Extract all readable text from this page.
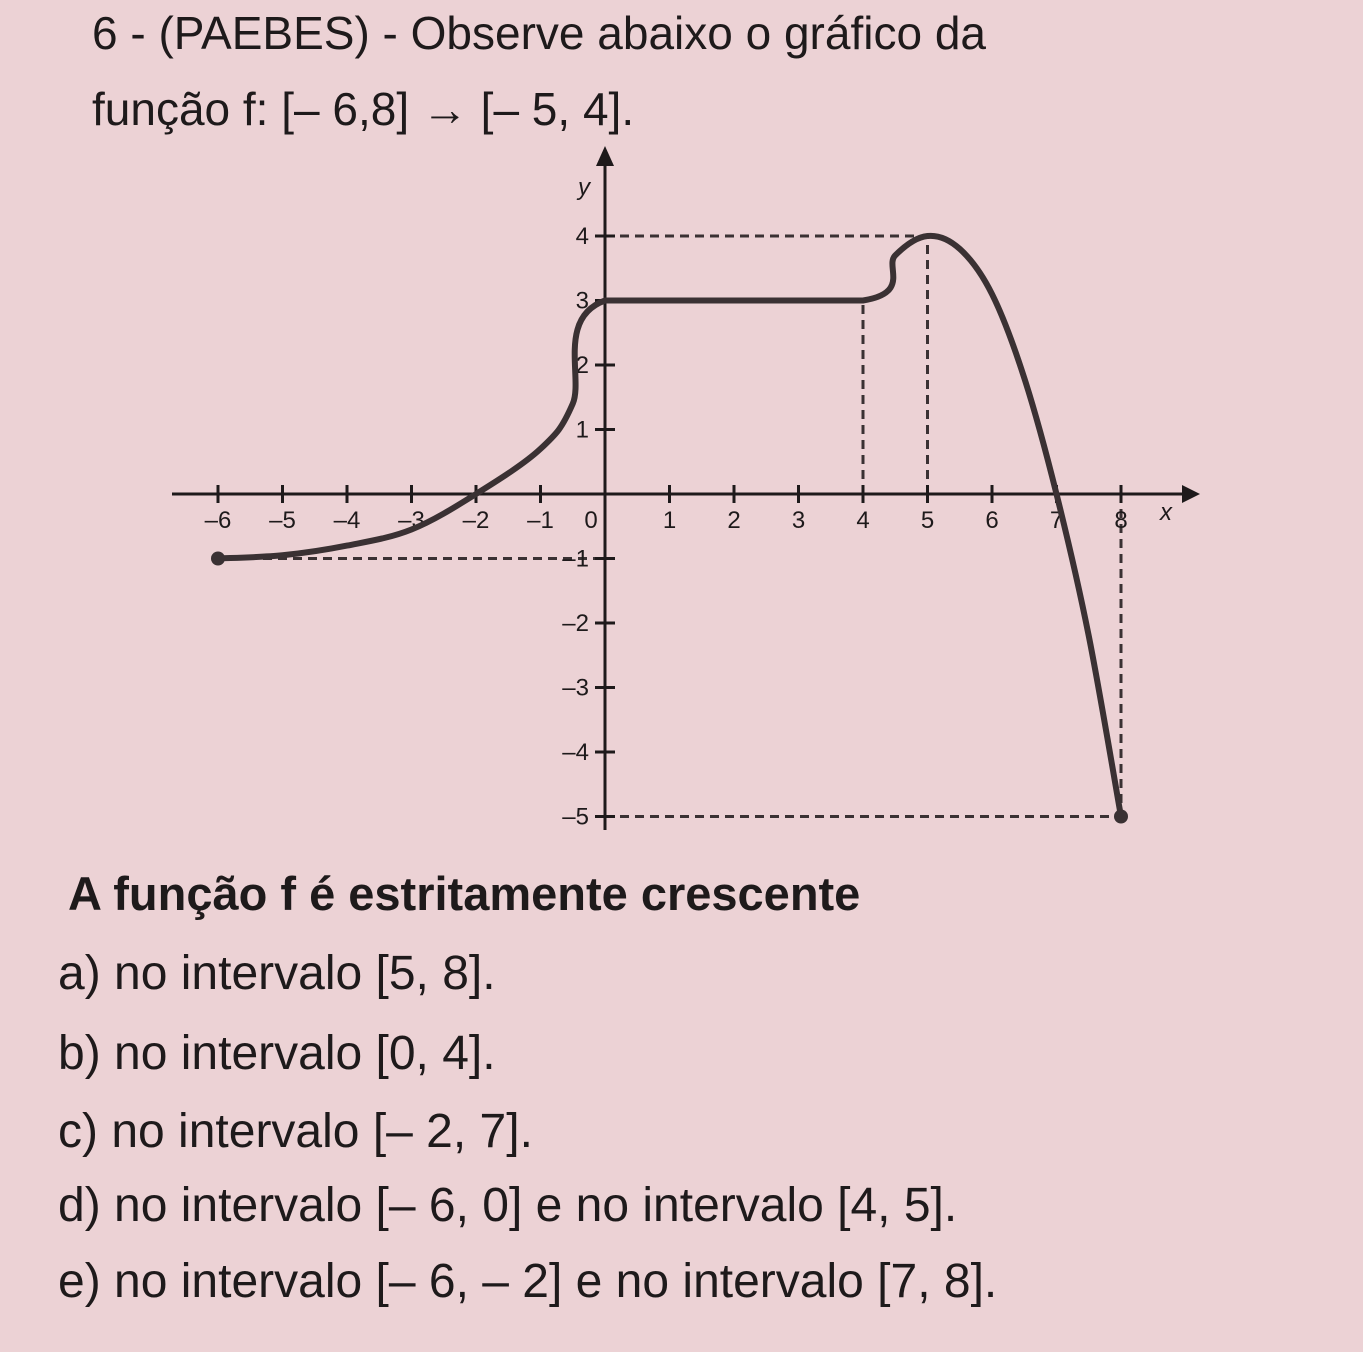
6 - (PAEBES) - Observe abaixo o gráfico da
função f: [– 6,8] → [– 5, 4].
–6 –5 –4 –3 –2 –1 0	1 2 3 4 5 6 7 8
4
3
2
1
–1
–2
–3
–4
–5
x
y
A função f é estritamente crescente
a) no intervalo [5, 8].
b) no intervalo [0, 4].
c) no intervalo [– 2, 7].
d) no intervalo [– 6, 0] e no intervalo [4, 5].
e) no intervalo [– 6, – 2] e no intervalo [7, 8].
